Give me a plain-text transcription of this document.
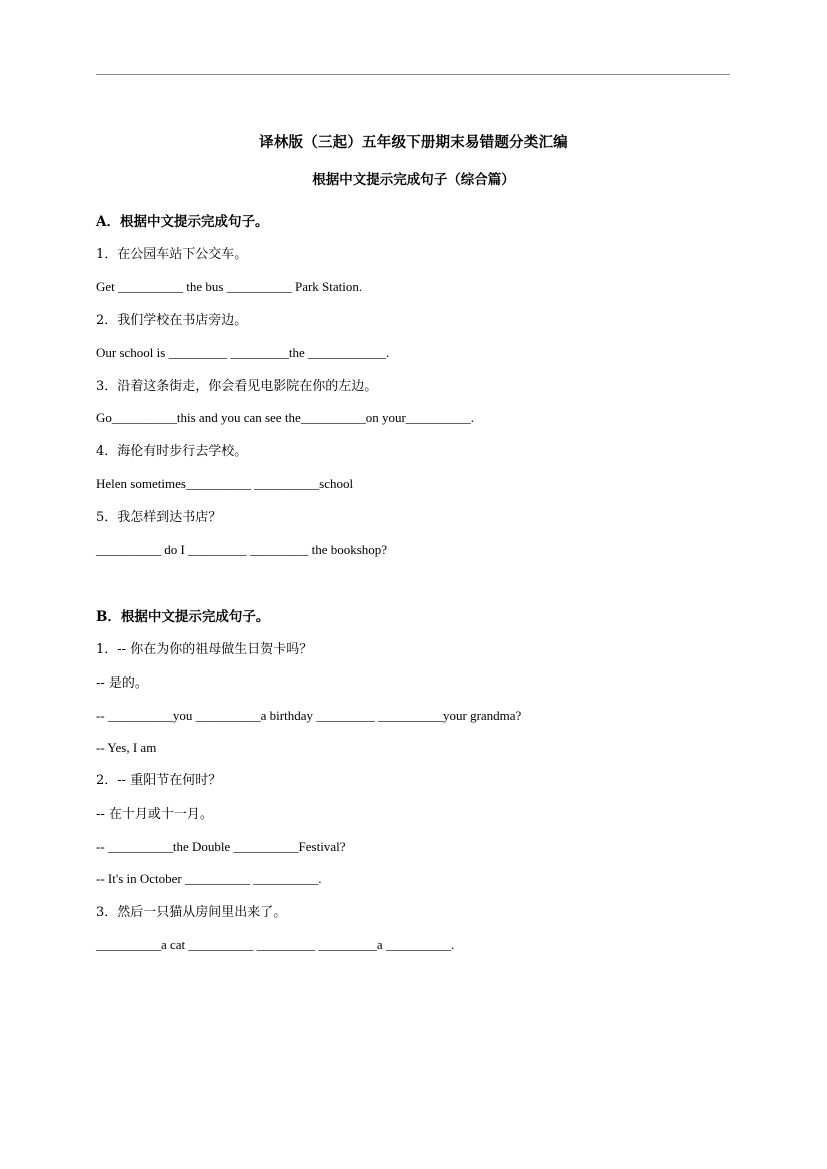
译林版（三起）五年级下册期末易错题分类汇编
根据中文提示完成句子（综合篇）
A．根据中文提示完成句子。
1．在公园车站下公交车。
Get __________ the bus __________ Park Station.
2．我们学校在书店旁边。
Our school is _________ _________the ____________.
3．沿着这条街走，你会看见电影院在你的左边。
Go__________this and you can see the__________on your__________.
4．海伦有时步行去学校。
Helen sometimes__________ __________school
5．我怎样到达书店？
__________ do I _________ _________ the bookshop?
B．根据中文提示完成句子。
1．-- 你在为你的祖母做生日贺卡吗？
-- 是的。
-- __________you __________a birthday _________ __________your grandma?
-- Yes, I am
2．-- 重阳节在何时？
-- 在十月或十一月。
-- __________the Double __________Festival?
-- It's in October __________ __________.
3．然后一只猫从房间里出来了。
__________a cat __________ _________ _________a __________.
